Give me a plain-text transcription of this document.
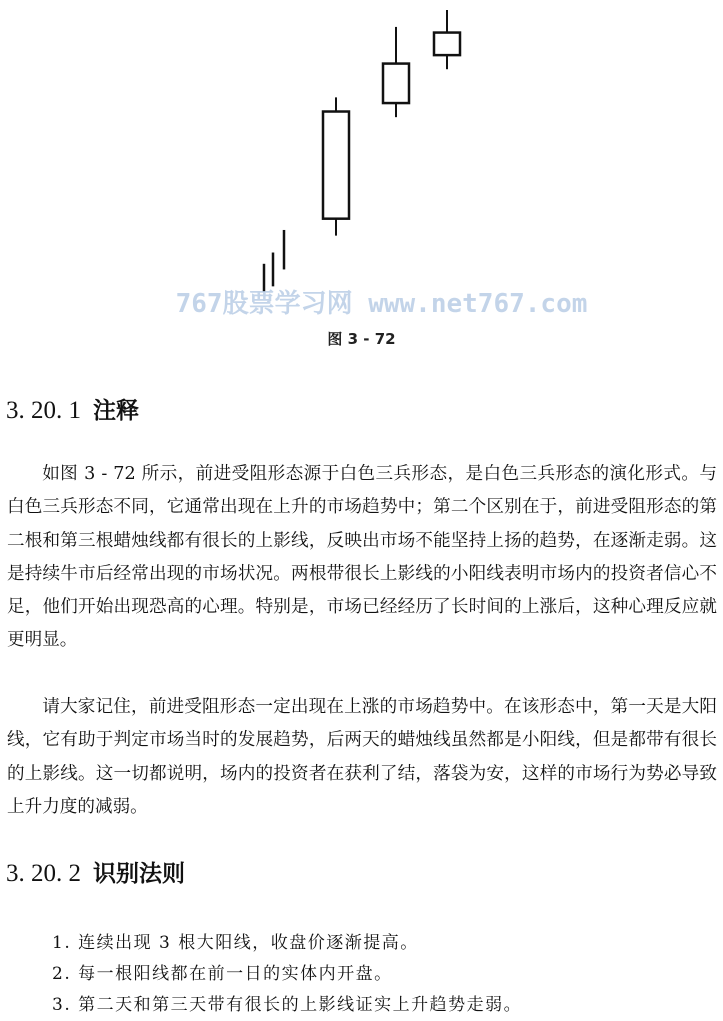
767股票学习网 www.net767.com
图 3 - 72
3. 20. 1 注释

如图 3 - 72 所示，前进受阻形态源于白色三兵形态，是白色三兵形态的演化形式。与白色三兵形态不同，它通常出现在上升的市场趋势中；第二个区别在于，前进受阻形态的第二根和第三根蜡烛线都有很长的上影线，反映出市场不能坚持上扬的趋势，在逐渐走弱。这是持续牛市后经常出现的市场状况。两根带很长上影线的小阳线表明市场内的投资者信心不足，他们开始出现恐高的心理。特别是，市场已经经历了长时间的上涨后，这种心理反应就更明显。

请大家记住，前进受阻形态一定出现在上涨的市场趋势中。在该形态中，第一天是大阳线，它有助于判定市场当时的发展趋势，后两天的蜡烛线虽然都是小阳线，但是都带有很长的上影线。这一切都说明，场内的投资者在获利了结，落袋为安，这样的市场行为势必导致上升力度的减弱。

3. 20. 2 识别法则
1. 连续出现 3 根大阳线，收盘价逐渐提高。
2. 每一根阳线都在前一日的实体内开盘。
3. 第二天和第三天带有很长的上影线证实上升趋势走弱。
